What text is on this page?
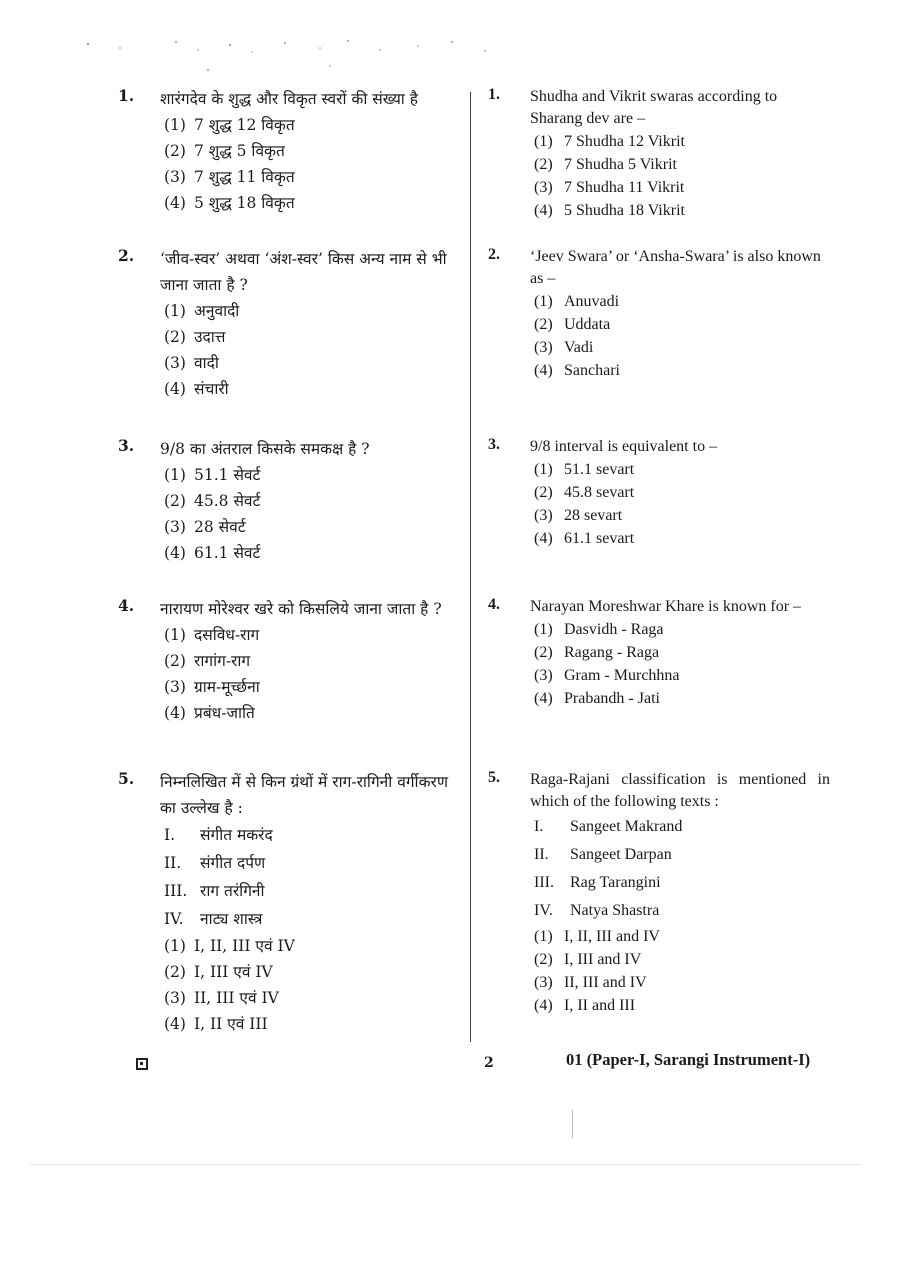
1. शारंगदेव के शुद्ध और विकृत स्वरों की संख्या है
(1) 7 शुद्ध 12 विकृत
(2) 7 शुद्ध 5 विकृत
(3) 7 शुद्ध 11 विकृत
(4) 5 शुद्ध 18 विकृत
2. ‘जीव-स्वर’ अथवा ‘अंश-स्वर’ किस अन्य नाम से भी जाना जाता है ?
(1) अनुवादी
(2) उदात्त
(3) वादी
(4) संचारी
3. 9/8 का अंतराल किसके समकक्ष है ?
(1) 51.1 सेवर्ट
(2) 45.8 सेवर्ट
(3) 28 सेवर्ट
(4) 61.1 सेवर्ट
4. नारायण मोरेश्वर खरे को किसलिये जाना जाता है ?
(1) दसविध-राग
(2) रागांग-राग
(3) ग्राम-मूर्च्छना
(4) प्रबंध-जाति
5. निम्नलिखित में से किन ग्रंथों में राग-रागिनी वर्गीकरण का उल्लेख है :
I. संगीत मकरंद
II. संगीत दर्पण
III. राग तरंगिनी
IV. नाट्य शास्त्र
(1) I, II, III एवं IV
(2) I, III एवं IV
(3) II, III एवं IV
(4) I, II एवं III
1. Shudha and Vikrit swaras according to Sharang dev are –
(1) 7 Shudha 12 Vikrit
(2) 7 Shudha 5 Vikrit
(3) 7 Shudha 11 Vikrit
(4) 5 Shudha 18 Vikrit
2. ‘Jeev Swara’ or ‘Ansha-Swara’ is also known as –
(1) Anuvadi
(2) Uddata
(3) Vadi
(4) Sanchari
3. 9/8 interval is equivalent to –
(1) 51.1 sevart
(2) 45.8 sevart
(3) 28 sevart
(4) 61.1 sevart
4. Narayan Moreshwar Khare is known for –
(1) Dasvidh - Raga
(2) Ragang - Raga
(3) Gram - Murchhna
(4) Prabandh - Jati
5. Raga-Rajani classification is mentioned in which of the following texts :
I. Sangeet Makrand
II. Sangeet Darpan
III. Rag Tarangini
IV. Natya Shastra
(1) I, II, III and IV
(2) I, III and IV
(3) II, III and IV
(4) I, II and III
2	01 (Paper-I, Sarangi Instrument-I)
